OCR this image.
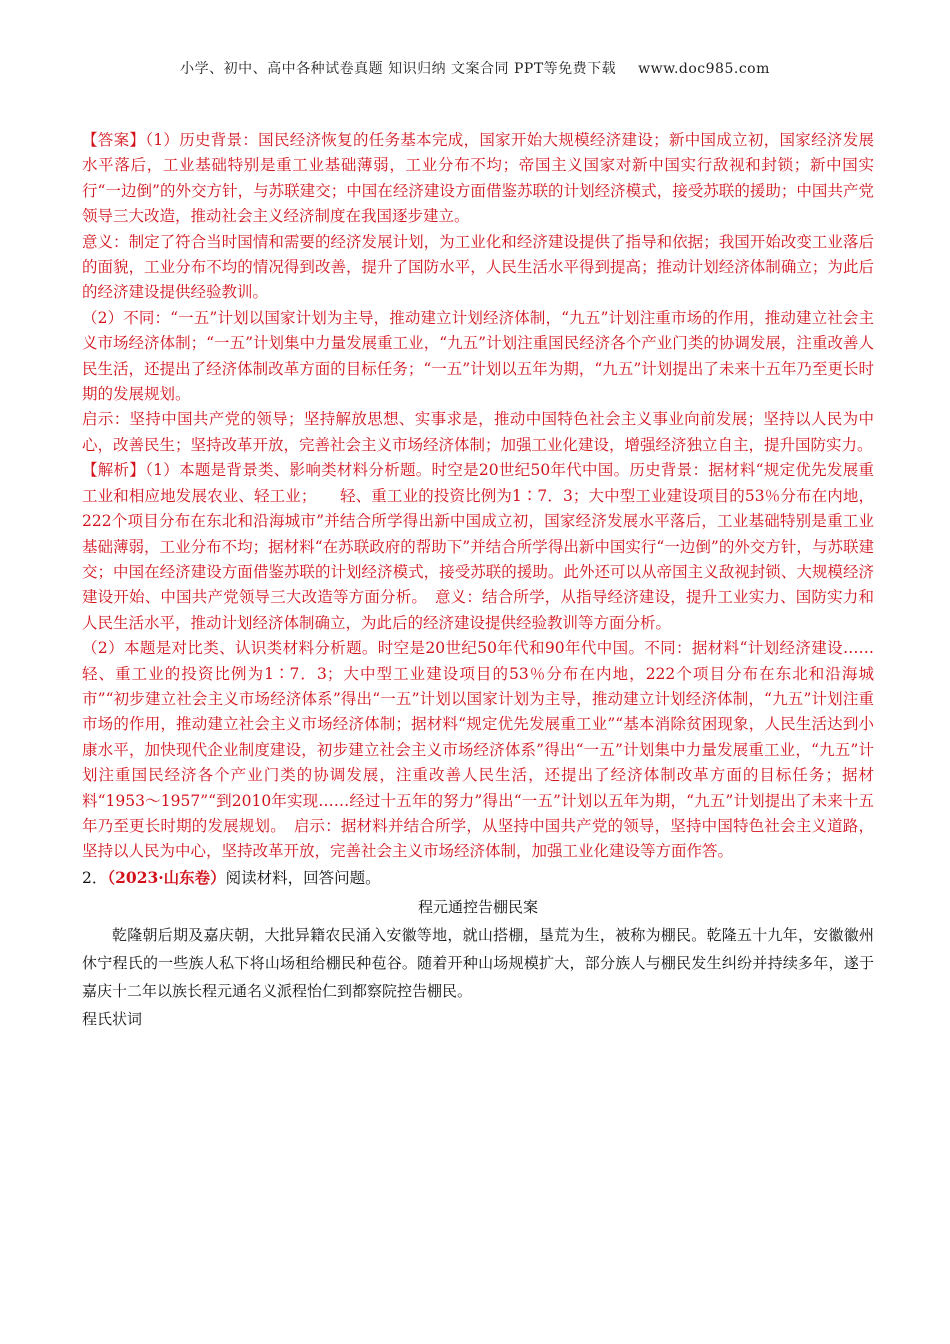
小学、初中、高中各种试卷真题 知识归纳 文案合同 PPT等免费下载 www.doc985.com

【答案】（1）历史背景：国民经济恢复的任务基本完成，国家开始大规模经济建设；新中国成立初，国家经济发展水平落后，工业基础特别是重工业基础薄弱，工业分布不均；帝国主义国家对新中国实行敌视和封锁；新中国实行“一边倒”的外交方针，与苏联建交；中国在经济建设方面借鉴苏联的计划经济模式，接受苏联的援助；中国共产党领导三大改造，推动社会主义经济制度在我国逐步建立。

意义：制定了符合当时国情和需要的经济发展计划，为工业化和经济建设提供了指导和依据；我国开始改变工业落后的面貌，工业分布不均的情况得到改善，提升了国防水平，人民生活水平得到提高；推动计划经济体制确立；为此后的经济建设提供经验教训。

（2）不同：“一五”计划以国家计划为主导，推动建立计划经济体制，“九五”计划注重市场的作用，推动建立社会主义市场经济体制；“一五”计划集中力量发展重工业，“九五”计划注重国民经济各个产业门类的协调发展，注重改善人民生活，还提出了经济体制改革方面的目标任务；“一五”计划以五年为期，“九五”计划提出了未来十五年乃至更长时期的发展规划。

启示：坚持中国共产党的领导；坚持解放思想、实事求是，推动中国特色社会主义事业向前发展；坚持以人民为中心，改善民生；坚持改革开放，完善社会主义市场经济体制；加强工业化建设，增强经济独立自主，提升国防实力。

【解析】（1）本题是背景类、影响类材料分析题。时空是20世纪50年代中国。历史背景：据材料“规定优先发展重工业和相应地发展农业、轻工业；　　轻、重工业的投资比例为1∶7．3；大中型工业建设项目的53％分布在内地，222个项目分布在东北和沿海城市”并结合所学得出新中国成立初，国家经济发展水平落后，工业基础特别是重工业基础薄弱，工业分布不均；据材料“在苏联政府的帮助下”并结合所学得出新中国实行“一边倒”的外交方针，与苏联建交；中国在经济建设方面借鉴苏联的计划经济模式，接受苏联的援助。此外还可以从帝国主义敌视封锁、大规模经济建设开始、中国共产党领导三大改造等方面分析。　意义：结合所学，从指导经济建设，提升工业实力、国防实力和人民生活水平，推动计划经济体制确立，为此后的经济建设提供经验教训等方面分析。

（2）本题是对比类、认识类材料分析题。时空是20世纪50年代和90年代中国。不同：据材料“计划经济建设……轻、重工业的投资比例为1∶7．3；大中型工业建设项目的53％分布在内地，222个项目分布在东北和沿海城市”“初步建立社会主义市场经济体系”得出“一五”计划以国家计划为主导，推动建立计划经济体制，“九五”计划注重市场的作用，推动建立社会主义市场经济体制；据材料“规定优先发展重工业”“基本消除贫困现象，人民生活达到小康水平，加快现代企业制度建设，初步建立社会主义市场经济体系”得出“一五”计划集中力量发展重工业，“九五”计划注重国民经济各个产业门类的协调发展，注重改善人民生活，还提出了经济体制改革方面的目标任务；据材料“1953～1957”“到2010年实现……经过十五年的努力”得出“一五”计划以五年为期，“九五”计划提出了未来十五年乃至更长时期的发展规划。　启示：据材料并结合所学，从坚持中国共产党的领导，坚持中国特色社会主义道路，坚持以人民为中心，坚持改革开放，完善社会主义市场经济体制，加强工业化建设等方面作答。

2．（2023·山东卷）阅读材料，回答问题。

程元通控告棚民案

乾隆朝后期及嘉庆朝，大批异籍农民涌入安徽等地，就山搭棚，垦荒为生，被称为棚民。乾隆五十九年，安徽徽州休宁程氏的一些族人私下将山场租给棚民种苞谷。随着开种山场规模扩大，部分族人与棚民发生纠纷并持续多年，遂于嘉庆十二年以族长程元通名义派程怡仁到都察院控告棚民。

程氏状词
